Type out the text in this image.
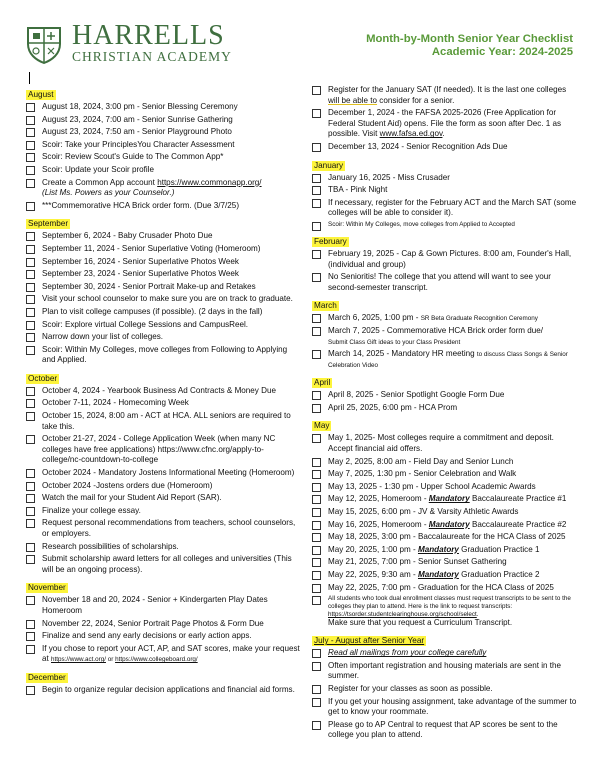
HARRELLS
CHRISTIAN ACADEMY
Month-by-Month Senior Year Checklist
Academic Year: 2024-2025
August
August 18, 2024, 3:00 pm - Senior Blessing Ceremony
August 23, 2024, 7:00 am - Senior Sunrise Gathering
August 23, 2024, 7:50 am - Senior Playground Photo
Scoir: Take your PrinciplesYou Character Assessment
Scoir: Review Scout's Guide to The Common App*
Scoir: Update your Scoir profile
Create a Common App account https://www.commonapp.org/
(List Ms. Powers as your Counselor.)
***Commemorative HCA Brick order form. (Due 3/7/25)
September
September 6, 2024 - Baby Crusader Photo Due
September 11, 2024 - Senior Superlative Voting (Homeroom)
September 16, 2024 - Senior Superlative Photos Week
September 23, 2024 - Senior Superlative Photos Week
September 30, 2024 - Senior Portrait Make-up and Retakes
Visit your school counselor to make sure you are on track to graduate.
Plan to visit college campuses (if possible). (2 days in the fall)
Scoir: Explore virtual College Sessions and CampusReel.
Narrow down your list of colleges.
Scoir: Within My Colleges, move colleges from Following to Applying and Applied.
October
October 4, 2024 - Yearbook Business Ad Contracts & Money Due
October 7-11, 2024 - Homecoming Week
October 15, 2024, 8:00 am - ACT at HCA. ALL seniors are required to take this.
October 21-27, 2024 - College Application Week (when many NC colleges have free applications) https://www.cfnc.org/apply-to-college/nc-countdown-to-college
October 2024 - Mandatory Jostens Informational Meeting (Homeroom)
October 2024 -Jostens orders due (Homeroom)
Watch the mail for your Student Aid Report (SAR).
Finalize your college essay.
Request personal recommendations from teachers, school counselors, or employers.
Research possibilities of scholarships.
Submit scholarship award letters for all colleges and universities (This will be an ongoing process).
November
November 18 and 20, 2024 - Senior + Kindergarten Play Dates Homeroom
November 22, 2024, Senior Portrait Page Photos & Form Due
Finalize and send any early decisions or early action apps.
If you chose to report your ACT, AP, and SAT scores, make your request at https://www.act.org/ or https://www.collegeboard.org/
December
Begin to organize regular decision applications and financial aid forms.
Register for the January SAT (If needed). It is the last one colleges will be able to consider for a senior.
December 1, 2024 - the FAFSA 2025-2026 (Free Application for Federal Student Aid) opens. File the form as soon after Dec. 1 as possible. Visit www.fafsa.ed.gov.
December 13, 2024 - Senior Recognition Ads Due
January
January 16, 2025 - Miss Crusader
TBA - Pink Night
If necessary, register for the February ACT and the March SAT (some colleges will be able to consider it).
Scoir: Within My Colleges, move colleges from Applied to Accepted
February
February 19, 2025 - Cap & Gown Pictures. 8:00 am, Founder's Hall, (individual and group)
No Senioritis! The college that you attend will want to see your second-semester transcript.
March
March 6, 2025, 1:00 pm - SR Beta Graduate Recognition Ceremony
March 7, 2025 - Commemorative HCA Brick order form due/
Submit Class Gift ideas to your Class President
March 14, 2025 - Mandatory HR meeting to discuss Class Songs & Senior Celebration Video
April
April 8, 2025 - Senior Spotlight Google Form Due
April 25, 2025, 6:00 pm - HCA Prom
May
May 1, 2025- Most colleges require a commitment and deposit. Accept financial aid offers.
May 2, 2025, 8:00 am - Field Day and Senior Lunch
May 7, 2025, 1:30 pm - Senior Celebration and Walk
May 13, 2025 - 1:30 pm - Upper School Academic Awards
May 12, 2025, Homeroom - Mandatory Baccalaureate Practice #1
May 15, 2025, 6:00 pm - JV & Varsity Athletic Awards
May 16, 2025, Homeroom - Mandatory Baccalaureate Practice #2
May 18, 2025, 3:00 pm - Baccalaureate for the HCA Class of 2025
May 20, 2025, 1:00 pm - Mandatory Graduation Practice 1
May 21, 2025, 7:00 pm - Senior Sunset Gathering
May 22, 2025, 9:30 am - Mandatory Graduation Practice 2
May 22, 2025, 7:00 pm - Graduation for the HCA Class of 2025
All students who took dual enrollment classes must request transcripts to be sent to the colleges they plan to attend. Here is the link to request transcripts: https://tsorder.studentclearinghouse.org/school/select.
Make sure that you request a Curriculum Transcript.
July - August after Senior Year
Read all mailings from your college carefully
Often important registration and housing materials are sent in the summer.
Register for your classes as soon as possible.
If you get your housing assignment, take advantage of the summer to get to know your roommate.
Please go to AP Central to request that AP scores be sent to the college you plan to attend.
